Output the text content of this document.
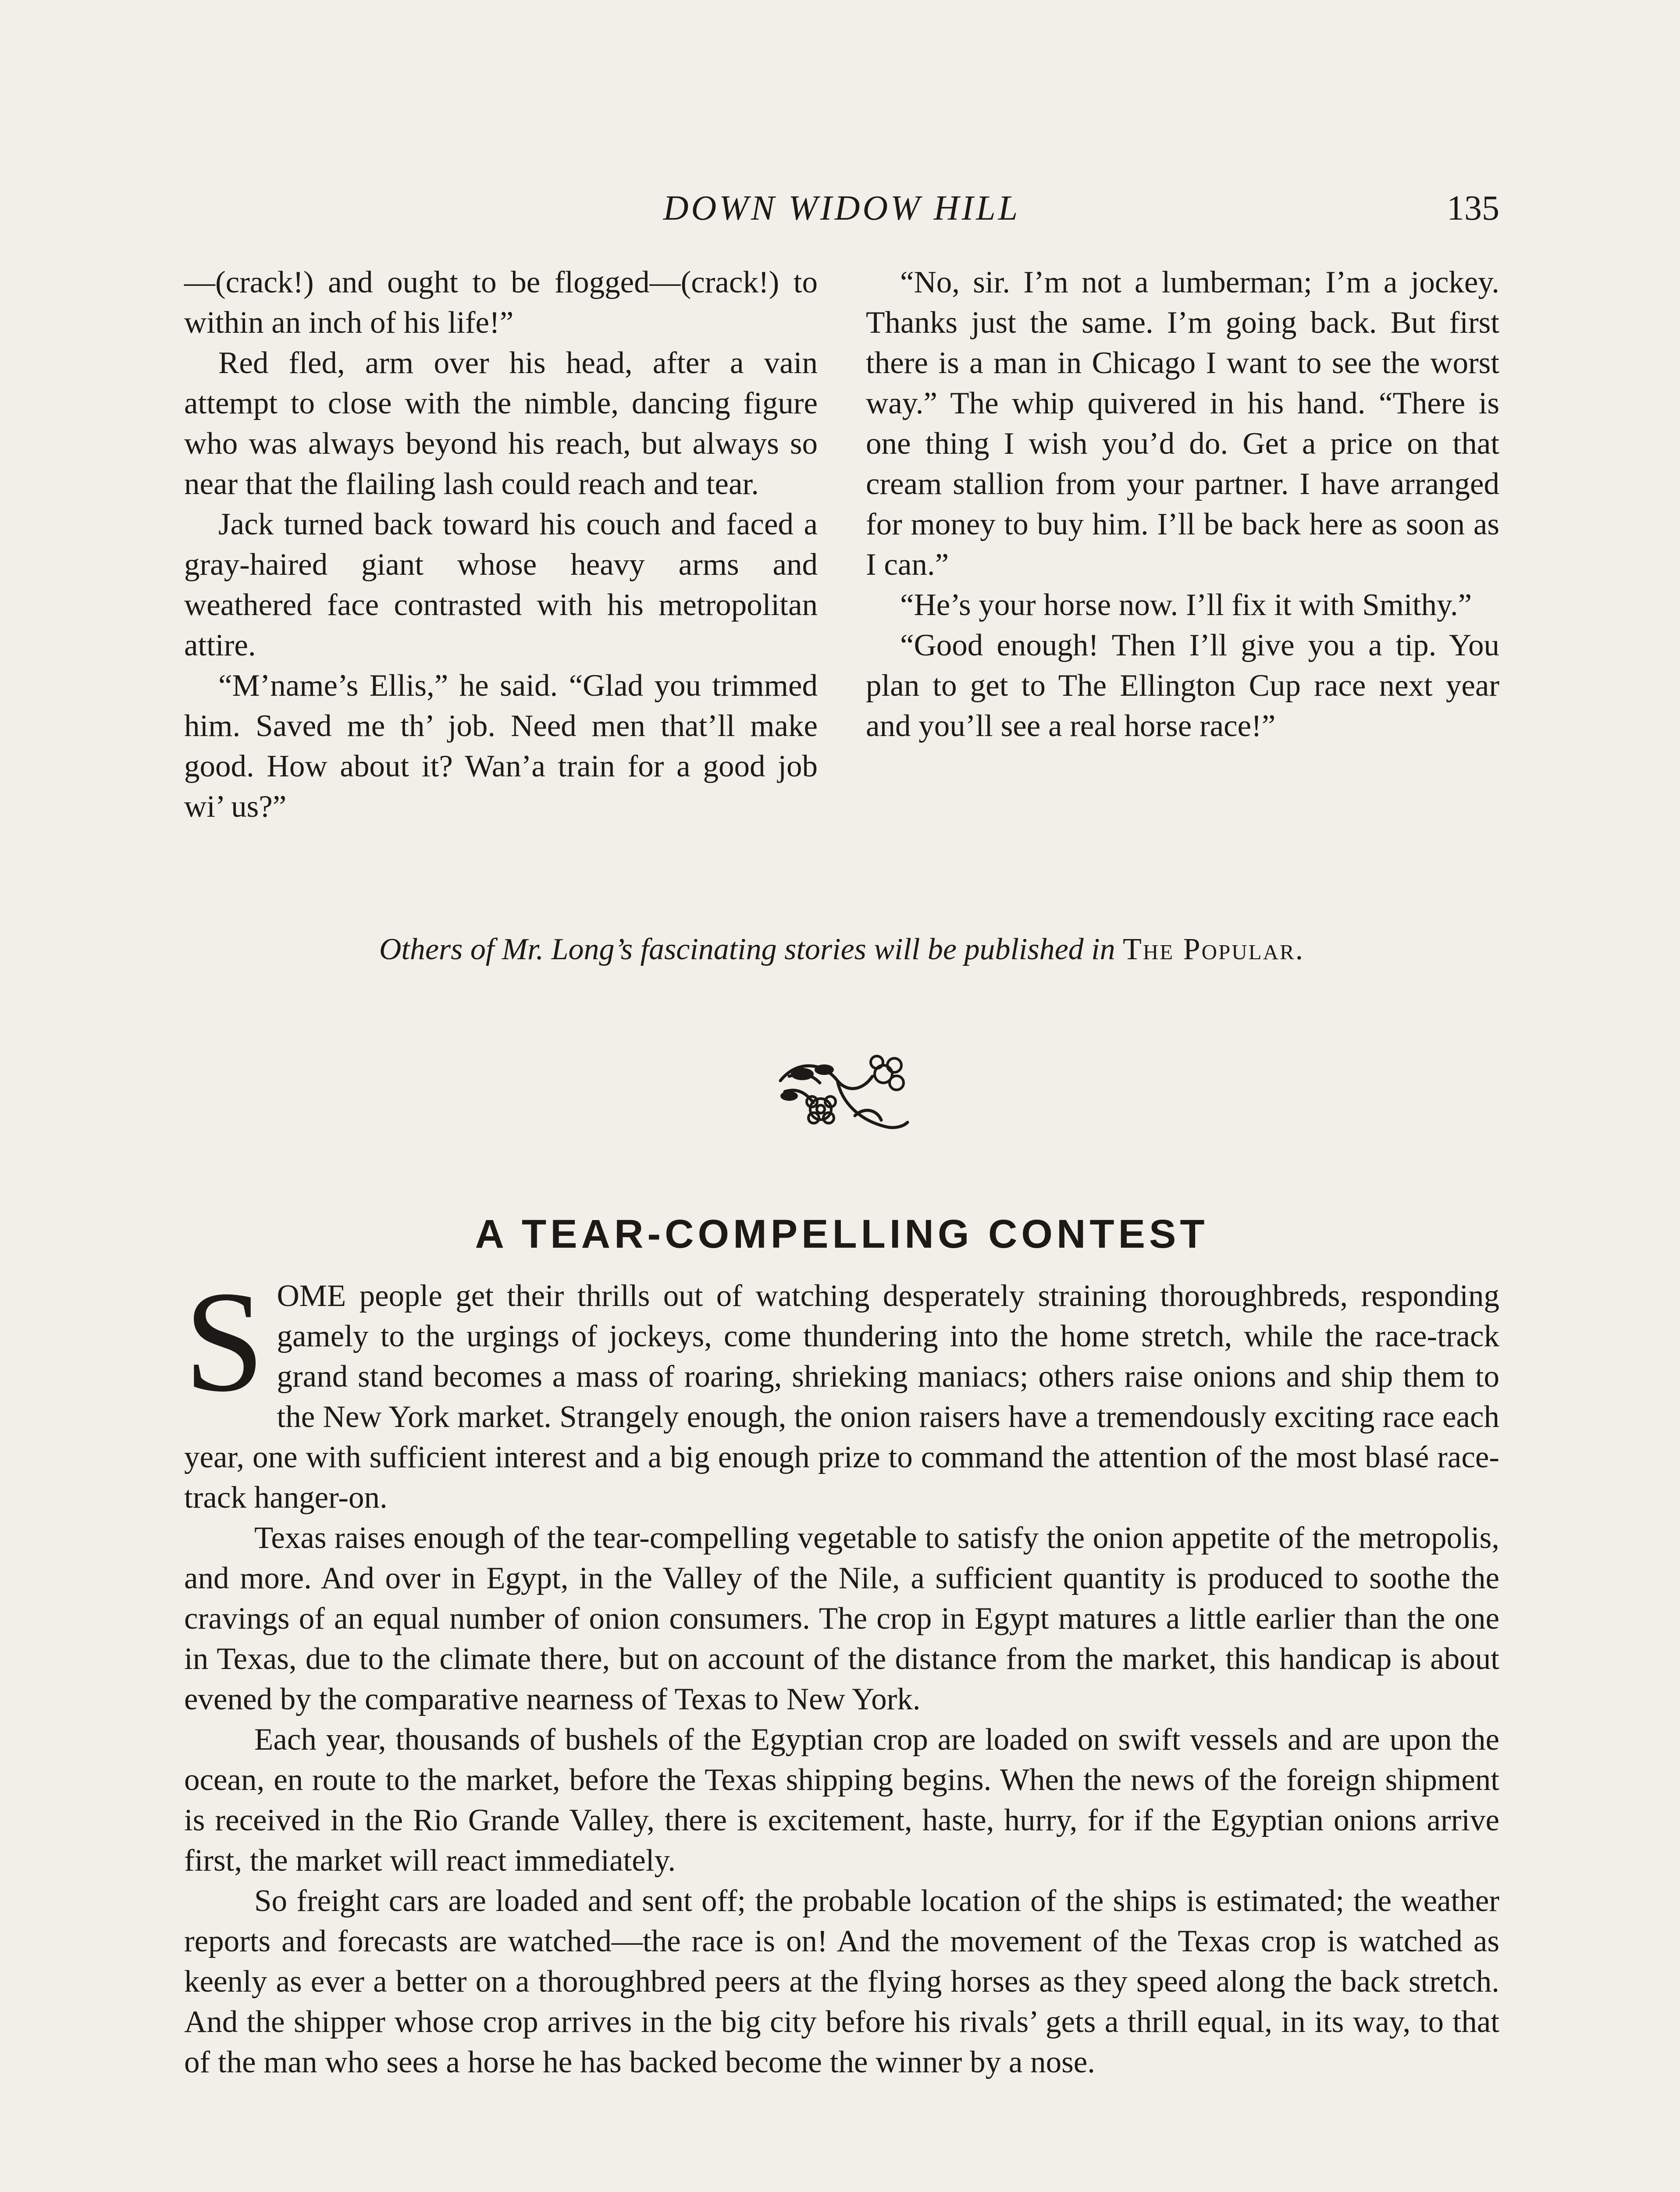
DOWN WIDOW HILL	135

—(crack!) and ought to be flogged—(crack!) to within an inch of his life!”

Red fled, arm over his head, after a vain attempt to close with the nimble, dancing figure who was always beyond his reach, but always so near that the flailing lash could reach and tear.

Jack turned back toward his couch and faced a gray-haired giant whose heavy arms and weathered face contrasted with his metropolitan attire.

“M’name’s Ellis,” he said. “Glad you trimmed him. Saved me th’ job. Need men that’ll make good. How about it? Wan’a train for a good job wi’ us?”

“No, sir. I’m not a lumberman; I’m a jockey. Thanks just the same. I’m going back. But first there is a man in Chicago I want to see the worst way.” The whip quivered in his hand. “There is one thing I wish you’d do. Get a price on that cream stallion from your partner. I have arranged for money to buy him. I’ll be back here as soon as I can.”

“He’s your horse now. I’ll fix it with Smithy.”

“Good enough! Then I’ll give you a tip. You plan to get to The Ellington Cup race next year and you’ll see a real horse race!”

Others of Mr. Long’s fascinating stories will be published in The Popular.
A TEAR-COMPELLING CONTEST

SOME people get their thrills out of watching desperately straining thoroughbreds, responding gamely to the urgings of jockeys, come thundering into the home stretch, while the race-track grand stand becomes a mass of roaring, shrieking maniacs; others raise onions and ship them to the New York market. Strangely enough, the onion raisers have a tremendously exciting race each year, one with sufficient interest and a big enough prize to command the attention of the most blasé race-track hanger-on.

Texas raises enough of the tear-compelling vegetable to satisfy the onion appetite of the metropolis, and more. And over in Egypt, in the Valley of the Nile, a sufficient quantity is produced to soothe the cravings of an equal number of onion consumers. The crop in Egypt matures a little earlier than the one in Texas, due to the climate there, but on account of the distance from the market, this handicap is about evened by the comparative nearness of Texas to New York.

Each year, thousands of bushels of the Egyptian crop are loaded on swift vessels and are upon the ocean, en route to the market, before the Texas shipping begins. When the news of the foreign shipment is received in the Rio Grande Valley, there is excitement, haste, hurry, for if the Egyptian onions arrive first, the market will react immediately.

So freight cars are loaded and sent off; the probable location of the ships is estimated; the weather reports and forecasts are watched—the race is on! And the movement of the Texas crop is watched as keenly as ever a better on a thoroughbred peers at the flying horses as they speed along the back stretch. And the shipper whose crop arrives in the big city before his rivals’ gets a thrill equal, in its way, to that of the man who sees a horse he has backed become the winner by a nose.
